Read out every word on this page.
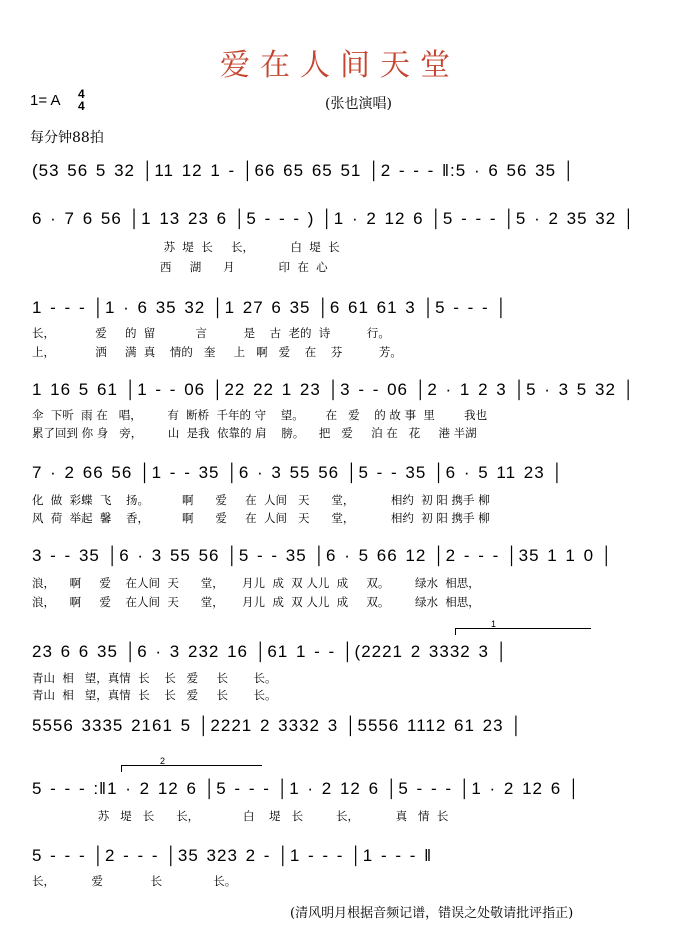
爱在人间天堂
1= A 4
4	(张也演唱)
每分钟88拍
(53 56 5 32 │11 12 1 - │66 65 65 51 │2 - - - ‖:5 · 6 56 35 │
6 · 7 6 56 │1 13 23 6 │5 - - - ) │1 · 2 12 6 │5 - - - │5 · 2 35 32 │
苏  堤  长     长，          白  堤  长
西     湖      月            印  在  心
1 - - - │1 · 6 35 32 │1 27 6 35 │6 61 61 3 │5 - - - │
长，           爱     的  留           言          是    古  老的  诗          行。
上，           洒     满  真    情的   奎     上   啊   爱    在    芬          芳。
1 16 5 61 │1 - - 06 │22 22 1 23 │3 - - 06 │2 · 1 2 3 │5 · 3 5 32 │
伞  下听  雨 在   唱，       有  断桥  千年的 守    望。      在   爱    的 故 事  里        我也
累了回到 你 身   旁，       山  是我  依靠的 肩    膀。    把   爱     泊 在   花     港 半湖
7 · 2 66 56 │1 - - 35 │6 · 3 55 56 │5 - - 35 │6 · 5 11 23 │
化  做  彩蝶  飞    扬。         啊      爱     在  人间   天      堂，          相约  初 阳 携手 柳
风  荷  举起  馨    香，         啊      爱     在  人间   天      堂，          相约  初 阳 携手 柳
3 - - 35 │6 · 3 55 56 │5 - - 35 │6 · 5 66 12 │2 - - - │35 1 1 0 │
浪，    啊     爱    在人间  天      堂，     月儿  成  双 人儿  成     双。       绿水  相思，
浪，    啊     爱    在人间  天      堂，     月儿  成  双 人儿  成     双。       绿水  相思，
1
23 6 6 35 │6 · 3 232 16 │61 1 - - │(2221 2 3332 3 │
青山  相   望，真情  长    长   爱     长       长。
青山  相   望，真情  长    长   爱     长       长。
5556 3335 2161 5 │2221 2 3332 3 │5556 1112 61 23 │
2
5 - - - :‖1 · 2 12 6 │5 - - - │1 · 2 12 6 │5 - - - │1 · 2 12 6 │
苏   堤   长      长，            白    堤   长         长，          真   情  长
5 - - - │2 - - - │35 323 2 - │1 - - - │1 - - - ‖
长，          爱             长              长。
(清风明月根据音频记谱，错误之处敬请批评指正)
